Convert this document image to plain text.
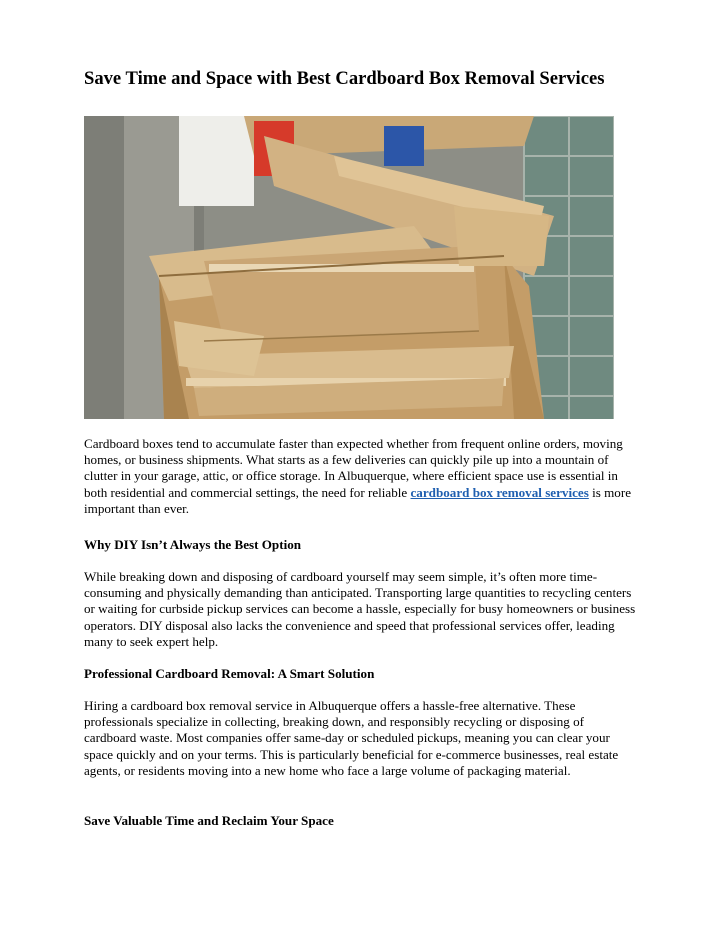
Save Time and Space with Best Cardboard Box Removal Services

Cardboard boxes tend to accumulate faster than expected whether from frequent online orders, moving homes, or business shipments. What starts as a few deliveries can quickly pile up into a mountain of clutter in your garage, attic, or office storage. In Albuquerque, where efficient space use is essential in both residential and commercial settings, the need for reliable cardboard box removal services is more important than ever.

Why DIY Isn’t Always the Best Option

While breaking down and disposing of cardboard yourself may seem simple, it’s often more time-consuming and physically demanding than anticipated. Transporting large quantities to recycling centers or waiting for curbside pickup services can become a hassle, especially for busy homeowners or business operators. DIY disposal also lacks the convenience and speed that professional services offer, leading many to seek expert help.

Professional Cardboard Removal: A Smart Solution

Hiring a cardboard box removal service in Albuquerque offers a hassle-free alternative. These professionals specialize in collecting, breaking down, and responsibly recycling or disposing of cardboard waste. Most companies offer same-day or scheduled pickups, meaning you can clear your space quickly and on your terms. This is particularly beneficial for e-commerce businesses, real estate agents, or residents moving into a new home who face a large volume of packaging material.

Save Valuable Time and Reclaim Your Space
